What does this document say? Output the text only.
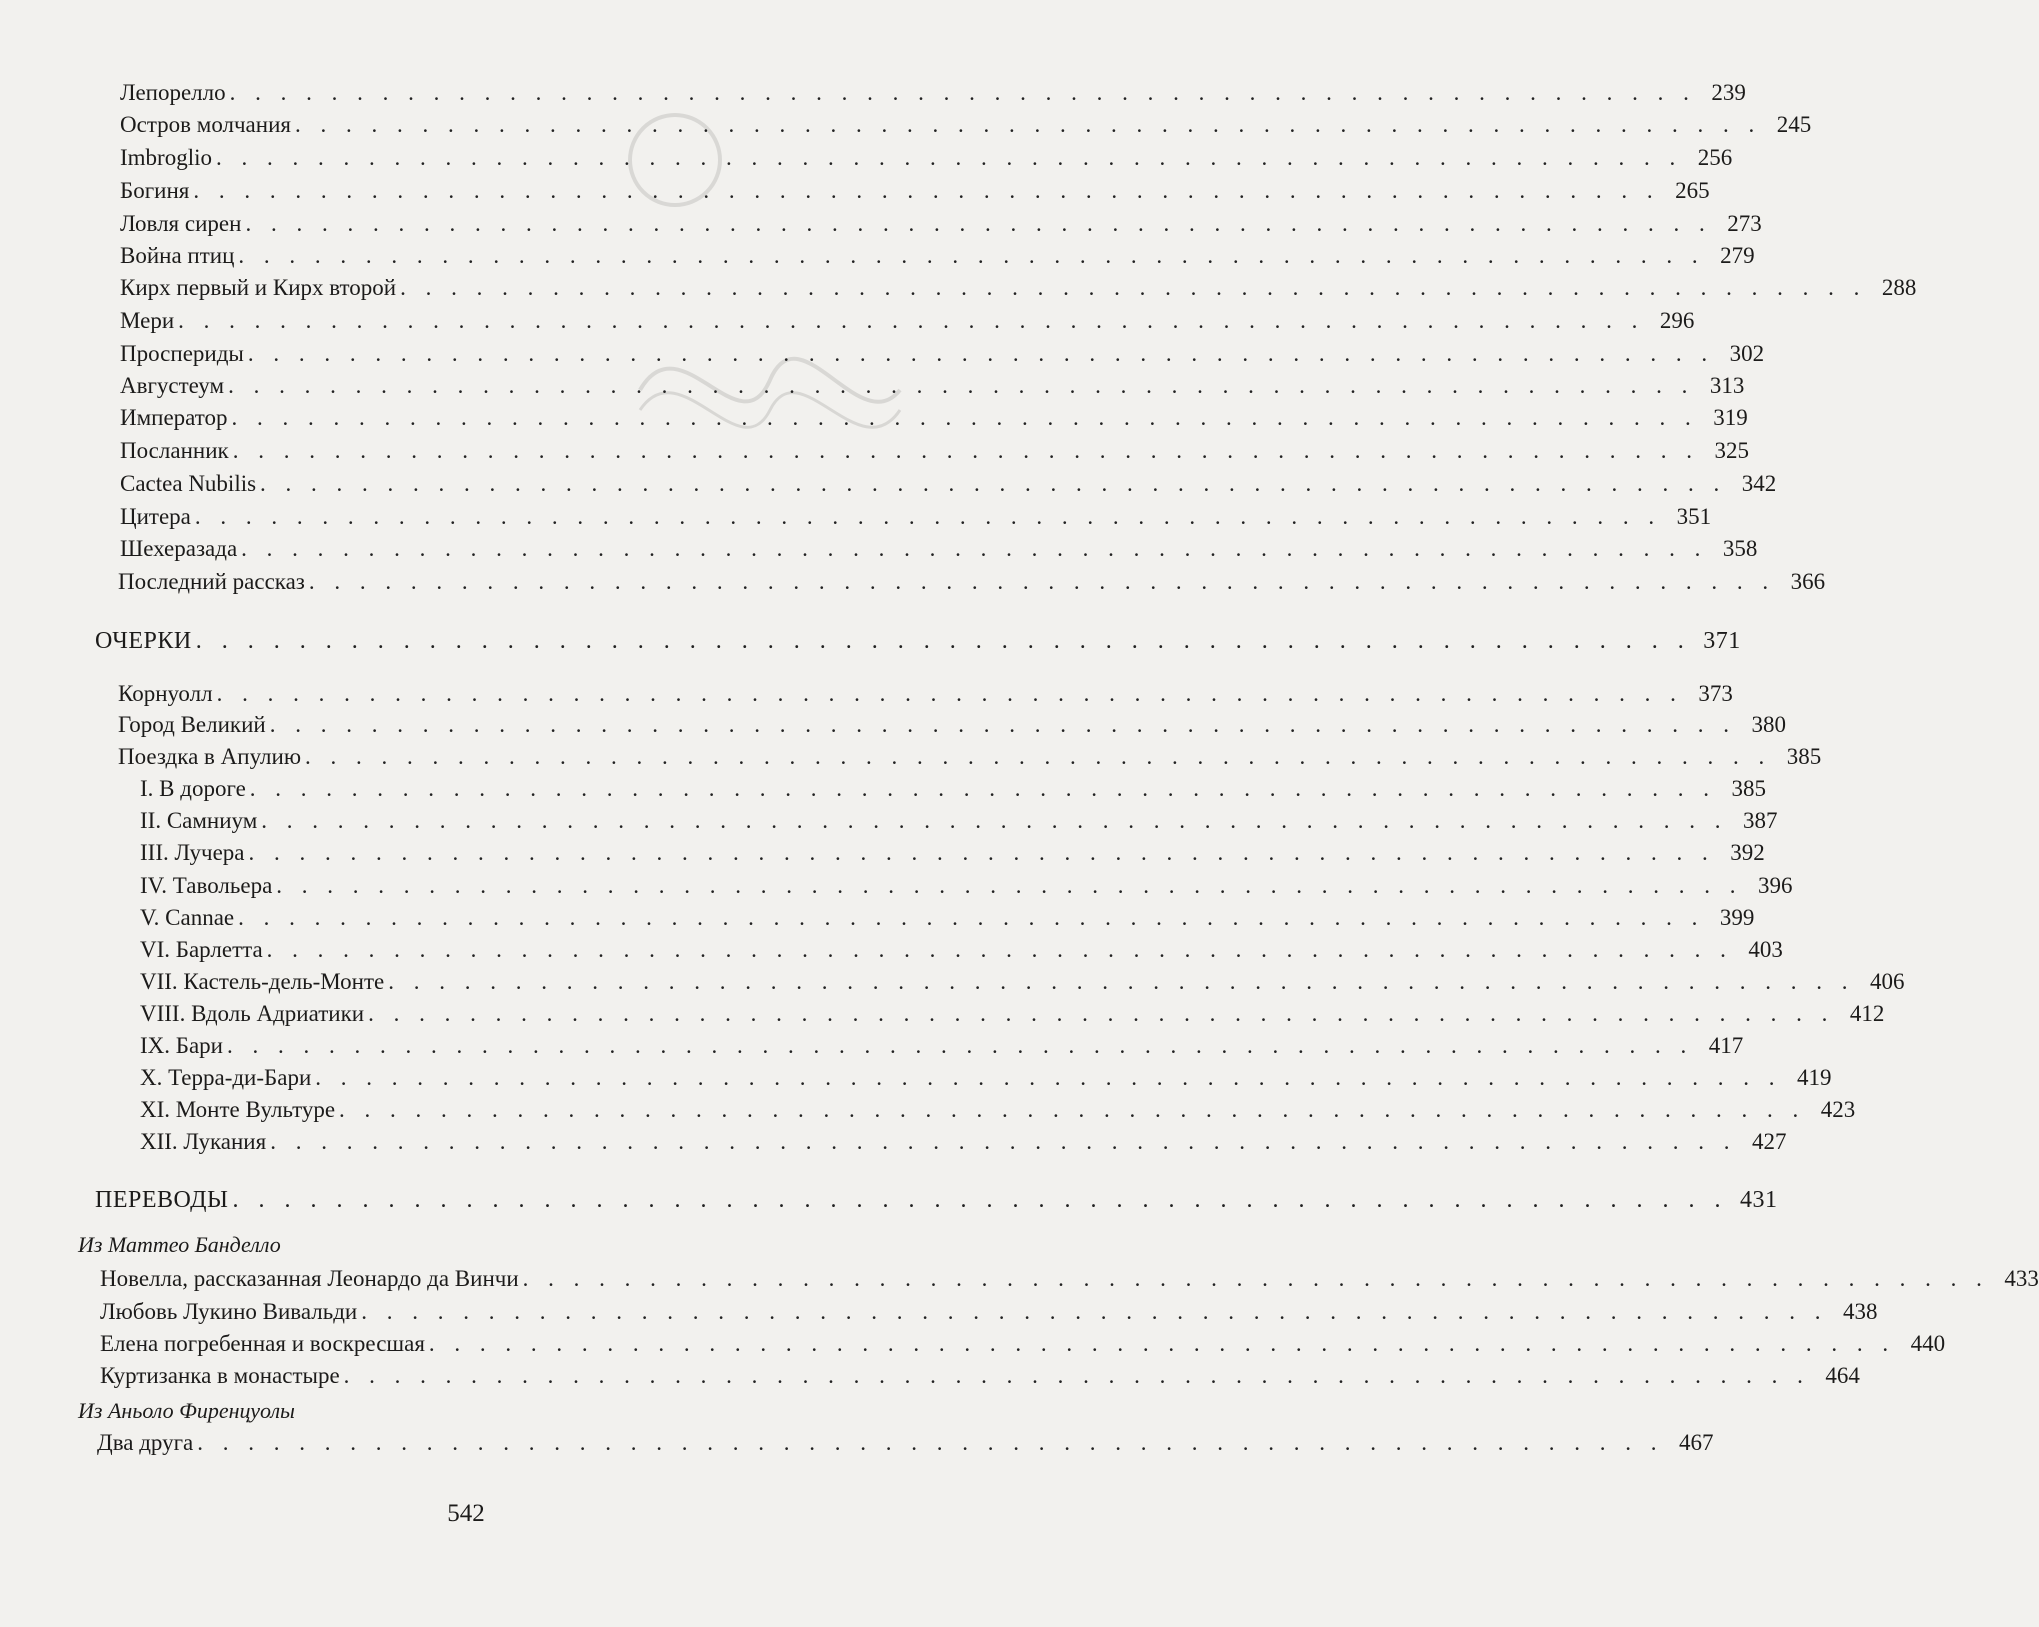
Лепорелло . . . . . . . . . . . . . . . . . . . . . . . . . . . . . . . . . . . . . . . . . . . . . . . . . . . . . . . . . . 239
Остров молчания . . . . . . . . . . . . . . . . . . . . . . . . . . . . . . . . . . . . . . . . . . . . . . . . . . . . . . . . . . 245
Imbroglio . . . . . . . . . . . . . . . . . . . . . . . . . . . . . . . . . . . . . . . . . . . . . . . . . . . . . . . . . . 256
Богиня . . . . . . . . . . . . . . . . . . . . . . . . . . . . . . . . . . . . . . . . . . . . . . . . . . . . . . . . . . 265
Ловля сирен . . . . . . . . . . . . . . . . . . . . . . . . . . . . . . . . . . . . . . . . . . . . . . . . . . . . . . . . . . 273
Война птиц . . . . . . . . . . . . . . . . . . . . . . . . . . . . . . . . . . . . . . . . . . . . . . . . . . . . . . . . . . 279
Кирх первый и Кирх второй . . . . . . . . . . . . . . . . . . . . . . . . . . . . . . . . . . . . . . . . . . . . . . . . . . . . . . . . . . 288
Мери . . . . . . . . . . . . . . . . . . . . . . . . . . . . . . . . . . . . . . . . . . . . . . . . . . . . . . . . . . 296
Проспериды . . . . . . . . . . . . . . . . . . . . . . . . . . . . . . . . . . . . . . . . . . . . . . . . . . . . . . . . . . 302
Августеум . . . . . . . . . . . . . . . . . . . . . . . . . . . . . . . . . . . . . . . . . . . . . . . . . . . . . . . . . . 313
Император . . . . . . . . . . . . . . . . . . . . . . . . . . . . . . . . . . . . . . . . . . . . . . . . . . . . . . . . . . 319
Посланник . . . . . . . . . . . . . . . . . . . . . . . . . . . . . . . . . . . . . . . . . . . . . . . . . . . . . . . . . . 325
Cactea Nubilis . . . . . . . . . . . . . . . . . . . . . . . . . . . . . . . . . . . . . . . . . . . . . . . . . . . . . . . . . . 342
Цитера . . . . . . . . . . . . . . . . . . . . . . . . . . . . . . . . . . . . . . . . . . . . . . . . . . . . . . . . . . 351
Шехеразада . . . . . . . . . . . . . . . . . . . . . . . . . . . . . . . . . . . . . . . . . . . . . . . . . . . . . . . . . . 358
Последний рассказ . . . . . . . . . . . . . . . . . . . . . . . . . . . . . . . . . . . . . . . . . . . . . . . . . . . . . . . . . . 366
ОЧЕРКИ . . . . . . . . . . . . . . . . . . . . . . . . . . . . . . . . . . . . . . . . . . . . . . . . . . . . . . . . . . 371
Корнуолл . . . . . . . . . . . . . . . . . . . . . . . . . . . . . . . . . . . . . . . . . . . . . . . . . . . . . . . . . . 373
Город Великий . . . . . . . . . . . . . . . . . . . . . . . . . . . . . . . . . . . . . . . . . . . . . . . . . . . . . . . . . . 380
Поездка в Апулию . . . . . . . . . . . . . . . . . . . . . . . . . . . . . . . . . . . . . . . . . . . . . . . . . . . . . . . . . . 385
I. В дороге . . . . . . . . . . . . . . . . . . . . . . . . . . . . . . . . . . . . . . . . . . . . . . . . . . . . . . . . . . 385
II. Самниум . . . . . . . . . . . . . . . . . . . . . . . . . . . . . . . . . . . . . . . . . . . . . . . . . . . . . . . . . . 387
III. Лучера . . . . . . . . . . . . . . . . . . . . . . . . . . . . . . . . . . . . . . . . . . . . . . . . . . . . . . . . . . 392
IV. Тавольера . . . . . . . . . . . . . . . . . . . . . . . . . . . . . . . . . . . . . . . . . . . . . . . . . . . . . . . . . . 396
V. Cannae . . . . . . . . . . . . . . . . . . . . . . . . . . . . . . . . . . . . . . . . . . . . . . . . . . . . . . . . . . 399
VI. Барлетта . . . . . . . . . . . . . . . . . . . . . . . . . . . . . . . . . . . . . . . . . . . . . . . . . . . . . . . . . . 403
VII. Кастель-дель-Монте . . . . . . . . . . . . . . . . . . . . . . . . . . . . . . . . . . . . . . . . . . . . . . . . . . . . . . . . . . 406
VIII. Вдоль Адриатики . . . . . . . . . . . . . . . . . . . . . . . . . . . . . . . . . . . . . . . . . . . . . . . . . . . . . . . . . . 412
IX. Бари . . . . . . . . . . . . . . . . . . . . . . . . . . . . . . . . . . . . . . . . . . . . . . . . . . . . . . . . . . 417
X. Терра-ди-Бари . . . . . . . . . . . . . . . . . . . . . . . . . . . . . . . . . . . . . . . . . . . . . . . . . . . . . . . . . . 419
XI. Монте Вультуре . . . . . . . . . . . . . . . . . . . . . . . . . . . . . . . . . . . . . . . . . . . . . . . . . . . . . . . . . . 423
XII. Лукания . . . . . . . . . . . . . . . . . . . . . . . . . . . . . . . . . . . . . . . . . . . . . . . . . . . . . . . . . . 427
ПЕРЕВОДЫ . . . . . . . . . . . . . . . . . . . . . . . . . . . . . . . . . . . . . . . . . . . . . . . . . . . . . . . . . . 431
Из Маттео Банделло
Новелла, рассказанная Леонардо да Винчи . . . . . . . . . . . . . . . . . . . . . . . . . . . . . . . . . . . . . . . . . . . . . . . . . . . . . . . . . . 433
Любовь Лукино Вивальди . . . . . . . . . . . . . . . . . . . . . . . . . . . . . . . . . . . . . . . . . . . . . . . . . . . . . . . . . . 438
Елена погребенная и воскресшая . . . . . . . . . . . . . . . . . . . . . . . . . . . . . . . . . . . . . . . . . . . . . . . . . . . . . . . . . . 440
Куртизанка в монастыре . . . . . . . . . . . . . . . . . . . . . . . . . . . . . . . . . . . . . . . . . . . . . . . . . . . . . . . . . . 464
Из Аньоло Фиренцуолы
Два друга . . . . . . . . . . . . . . . . . . . . . . . . . . . . . . . . . . . . . . . . . . . . . . . . . . . . . . . . . . 467
542
